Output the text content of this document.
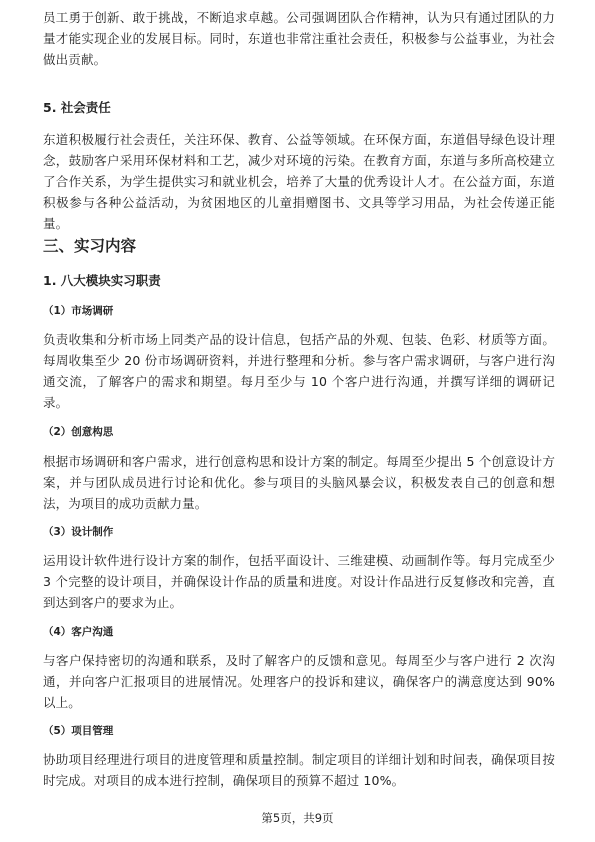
员工勇于创新、敢于挑战，不断追求卓越。公司强调团队合作精神，认为只有通过团队的力量才能实现企业的发展目标。同时，东道也非常注重社会责任，积极参与公益事业，为社会做出贡献。

5. 社会责任

东道积极履行社会责任，关注环保、教育、公益等领域。在环保方面，东道倡导绿色设计理念，鼓励客户采用环保材料和工艺，减少对环境的污染。在教育方面，东道与多所高校建立了合作关系，为学生提供实习和就业机会，培养了大量的优秀设计人才。在公益方面，东道积极参与各种公益活动，为贫困地区的儿童捐赠图书、文具等学习用品，为社会传递正能量。

三、实习内容
1. 八大模块实习职责
（1）市场调研

负责收集和分析市场上同类产品的设计信息，包括产品的外观、包装、色彩、材质等方面。每周收集至少 20 份市场调研资料，并进行整理和分析。参与客户需求调研，与客户进行沟通交流，了解客户的需求和期望。每月至少与 10 个客户进行沟通，并撰写详细的调研记录。

（2）创意构思

根据市场调研和客户需求，进行创意构思和设计方案的制定。每周至少提出 5 个创意设计方案，并与团队成员进行讨论和优化。参与项目的头脑风暴会议，积极发表自己的创意和想法，为项目的成功贡献力量。

（3）设计制作

运用设计软件进行设计方案的制作，包括平面设计、三维建模、动画制作等。每月完成至少 3 个完整的设计项目，并确保设计作品的质量和进度。对设计作品进行反复修改和完善，直到达到客户的要求为止。

（4）客户沟通

与客户保持密切的沟通和联系，及时了解客户的反馈和意见。每周至少与客户进行 2 次沟通，并向客户汇报项目的进展情况。处理客户的投诉和建议，确保客户的满意度达到 90%以上。

（5）项目管理

协助项目经理进行项目的进度管理和质量控制。制定项目的详细计划和时间表，确保项目按时完成。对项目的成本进行控制，确保项目的预算不超过 10%。

第5页，共9页
